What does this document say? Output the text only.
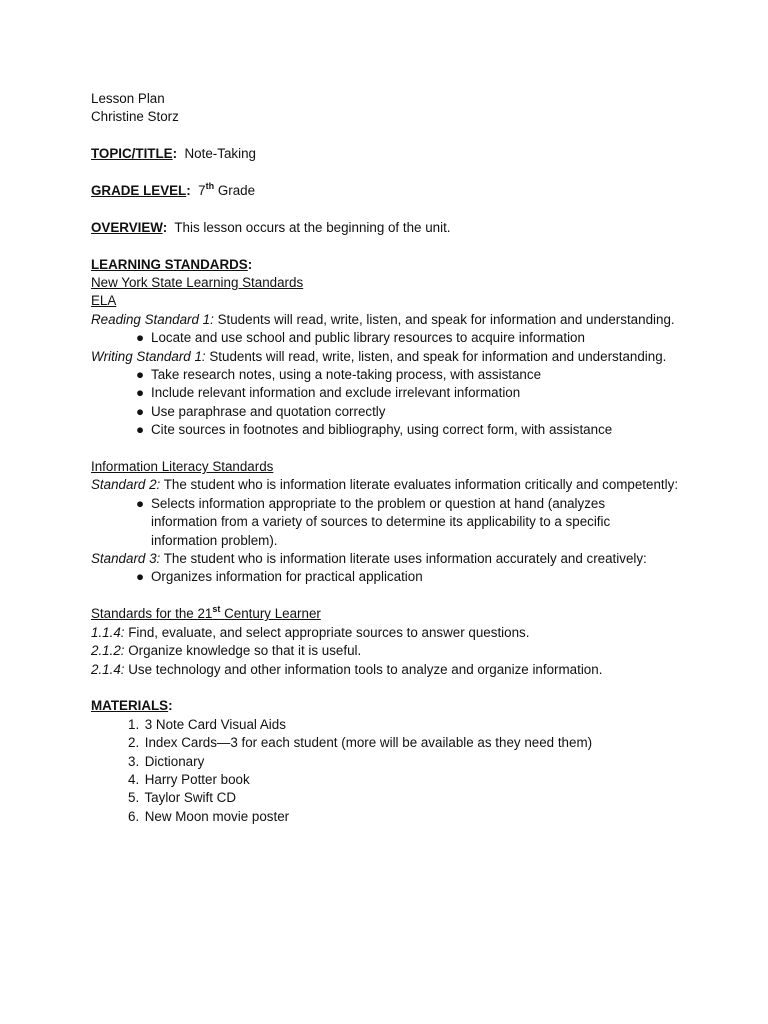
Lesson Plan

Christine Storz

TOPIC/TITLE: Note-Taking

GRADE LEVEL: 7th Grade

OVERVIEW: This lesson occurs at the beginning of the unit.

LEARNING STANDARDS:

New York State Learning Standards

ELA

Reading Standard 1: Students will read, write, listen, and speak for information and understanding.

● Locate and use school and public library resources to acquire information

Writing Standard 1: Students will read, write, listen, and speak for information and understanding.

● Take research notes, using a note-taking process, with assistance
● Include relevant information and exclude irrelevant information
● Use paraphrase and quotation correctly
● Cite sources in footnotes and bibliography, using correct form, with assistance

Information Literacy Standards

Standard 2: The student who is information literate evaluates information critically and competently:

● Selects information appropriate to the problem or question at hand (analyzes information from a variety of sources to determine its applicability to a specific information problem).

Standard 3: The student who is information literate uses information accurately and creatively:

● Organizes information for practical application

Standards for the 21st Century Learner

1.1.4: Find, evaluate, and select appropriate sources to answer questions.

2.1.2: Organize knowledge so that it is useful.

2.1.4: Use technology and other information tools to analyze and organize information.

MATERIALS:

1. 3 Note Card Visual Aids
2. Index Cards—3 for each student (more will be available as they need them)
3. Dictionary
4. Harry Potter book
5. Taylor Swift CD
6. New Moon movie poster
